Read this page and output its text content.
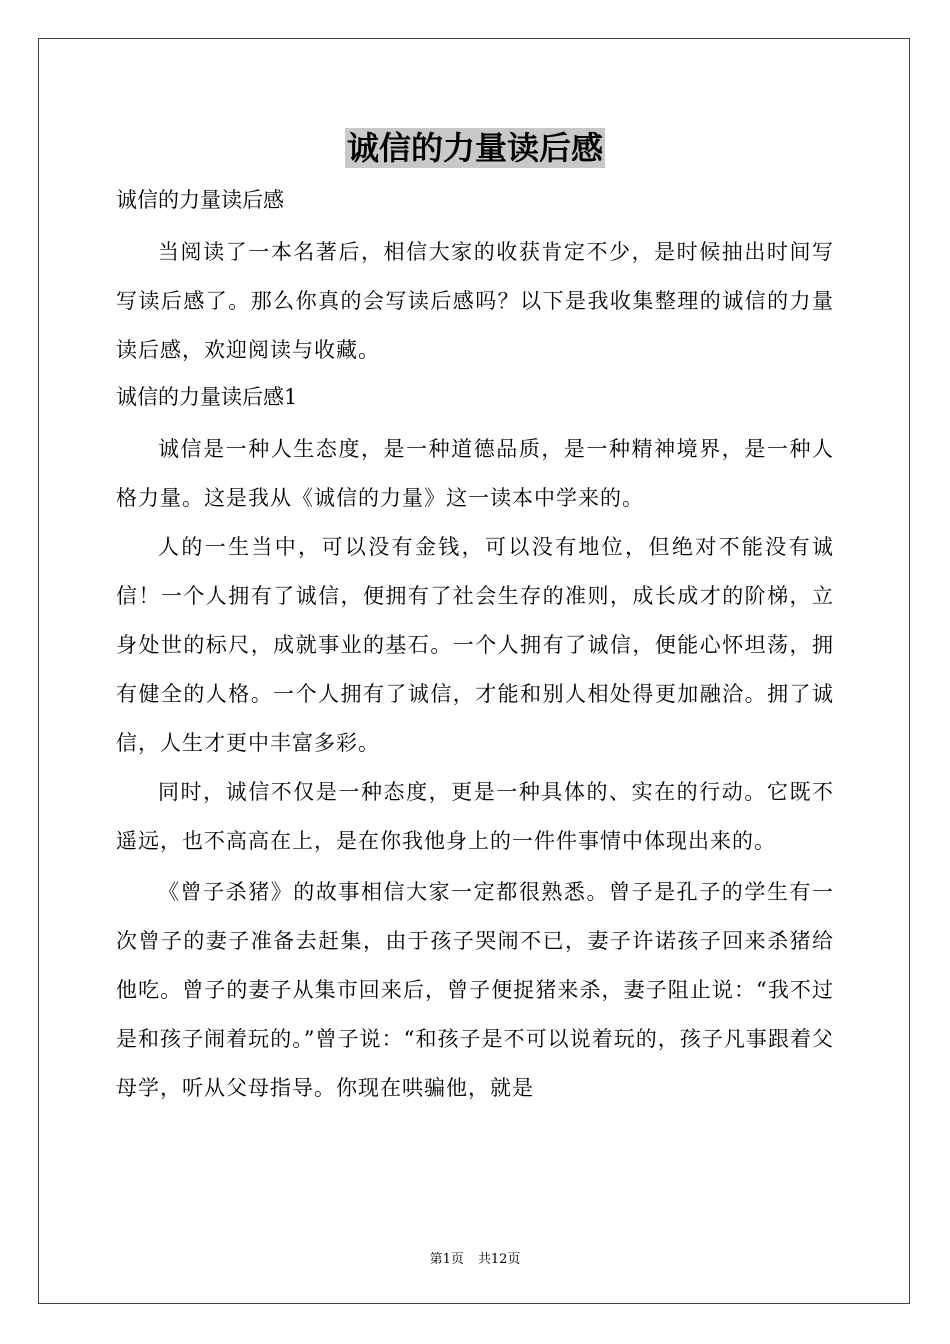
诚信的力量读后感
诚信的力量读后感
当阅读了一本名著后，相信大家的收获肯定不少，是时候抽出时间写写读后感了。那么你真的会写读后感吗？以下是我收集整理的诚信的力量读后感，欢迎阅读与收藏。
诚信的力量读后感1
诚信是一种人生态度，是一种道德品质，是一种精神境界，是一种人格力量。这是我从《诚信的力量》这一读本中学来的。
人的一生当中，可以没有金钱，可以没有地位，但绝对不能没有诚信！一个人拥有了诚信，便拥有了社会生存的准则，成长成才的阶梯，立身处世的标尺，成就事业的基石。一个人拥有了诚信，便能心怀坦荡，拥有健全的人格。一个人拥有了诚信，才能和别人相处得更加融洽。拥了诚信，人生才更中丰富多彩。
同时，诚信不仅是一种态度，更是一种具体的、实在的行动。它既不遥远，也不高高在上，是在你我他身上的一件件事情中体现出来的。
《曾子杀猪》的故事相信大家一定都很熟悉。曾子是孔子的学生有一次曾子的妻子准备去赶集，由于孩子哭闹不已，妻子许诺孩子回来杀猪给他吃。曾子的妻子从集市回来后，曾子便捉猪来杀，妻子阻止说：“我不过是和孩子闹着玩的。”曾子说：“和孩子是不可以说着玩的，孩子凡事跟着父母学，听从父母指导。你现在哄骗他，就是
第1页 共12页
